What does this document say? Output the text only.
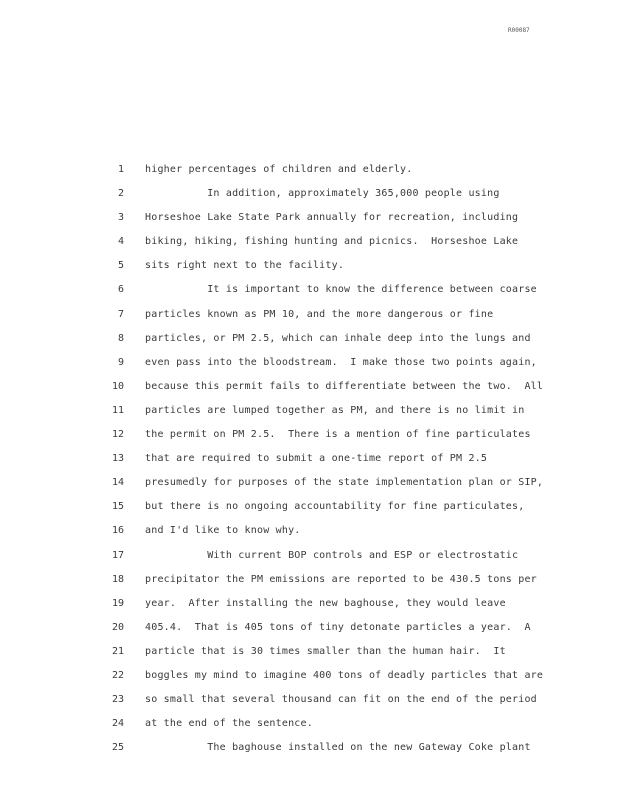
R00087
1 higher percentages of children and elderly.
2 In addition, approximately 365,000 people using
3 Horseshoe Lake State Park annually for recreation, including
4 biking, hiking, fishing hunting and picnics.  Horseshoe Lake
5 sits right next to the facility.
6 It is important to know the difference between coarse
7 particles known as PM 10, and the more dangerous or fine
8 particles, or PM 2.5, which can inhale deep into the lungs and
9 even pass into the bloodstream.  I make those two points again,
10 because this permit fails to differentiate between the two.  All
11 particles are lumped together as PM, and there is no limit in
12 the permit on PM 2.5.  There is a mention of fine particulates
13 that are required to submit a one-time report of PM 2.5
14 presumedly for purposes of the state implementation plan or SIP,
15 but there is no ongoing accountability for fine particulates,
16 and I'd like to know why.
17 With current BOP controls and ESP or electrostatic
18 precipitator the PM emissions are reported to be 430.5 tons per
19 year.  After installing the new baghouse, they would leave
20 405.4.  That is 405 tons of tiny detonate particles a year.  A
21 particle that is 30 times smaller than the human hair.  It
22 boggles my mind to imagine 400 tons of deadly particles that are
23 so small that several thousand can fit on the end of the period
24 at the end of the sentence.
25 The baghouse installed on the new Gateway Coke plant
